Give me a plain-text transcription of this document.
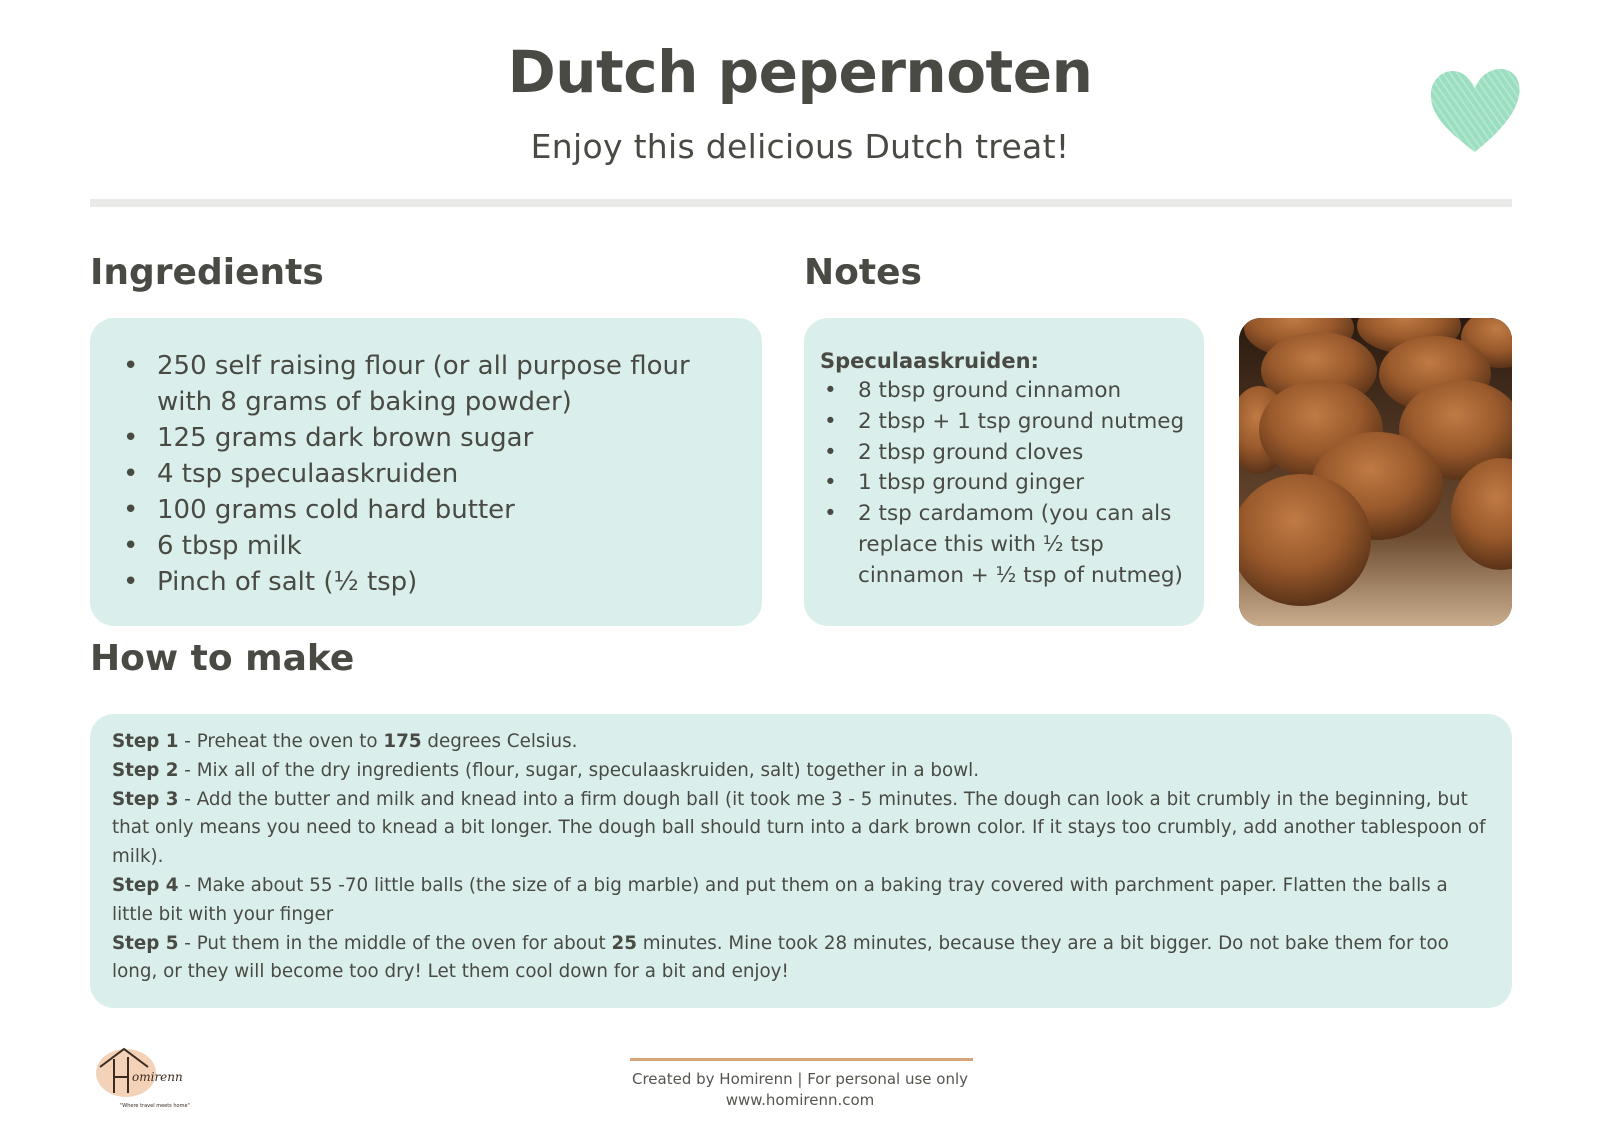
Dutch pepernoten
Enjoy this delicious Dutch treat!
Ingredients	Notes
How to make
• 250 self raising flour (or all purpose flour with 8 grams of baking powder)
• 125 grams dark brown sugar
• 4 tsp speculaaskruiden
• 100 grams cold hard butter
• 6 tbsp milk
• Pinch of salt (½ tsp)
Speculaaskruiden:
• 8 tbsp ground cinnamon
• 2 tbsp + 1 tsp ground nutmeg
• 2 tbsp ground cloves
• 1 tbsp ground ginger
• 2 tsp cardamom (you can als replace this with ½ tsp cinnamon + ½ tsp of nutmeg)

Step 1 - Preheat the oven to 175 degrees Celsius.

Step 2 - Mix all of the dry ingredients (flour, sugar, speculaaskruiden, salt) together in a bowl.

Step 3 - Add the butter and milk and knead into a firm dough ball (it took me 3 - 5 minutes. The dough can look a bit crumbly in the beginning, but that only means you need to knead a bit longer. The dough ball should turn into a dark brown color. If it stays too crumbly, add another tablespoon of milk).

Step 4 - Make about 55 -70 little balls (the size of a big marble) and put them on a baking tray covered with parchment paper. Flatten the balls a little bit with your finger

Step 5 - Put them in the middle of the oven for about 25 minutes. Mine took 28 minutes, because they are a bit bigger. Do not bake them for too long, or they will become too dry! Let them cool down for a bit and enjoy!

omirenn
"Where travel meets home"
Created by Homirenn | For personal use only
www.homirenn.com
